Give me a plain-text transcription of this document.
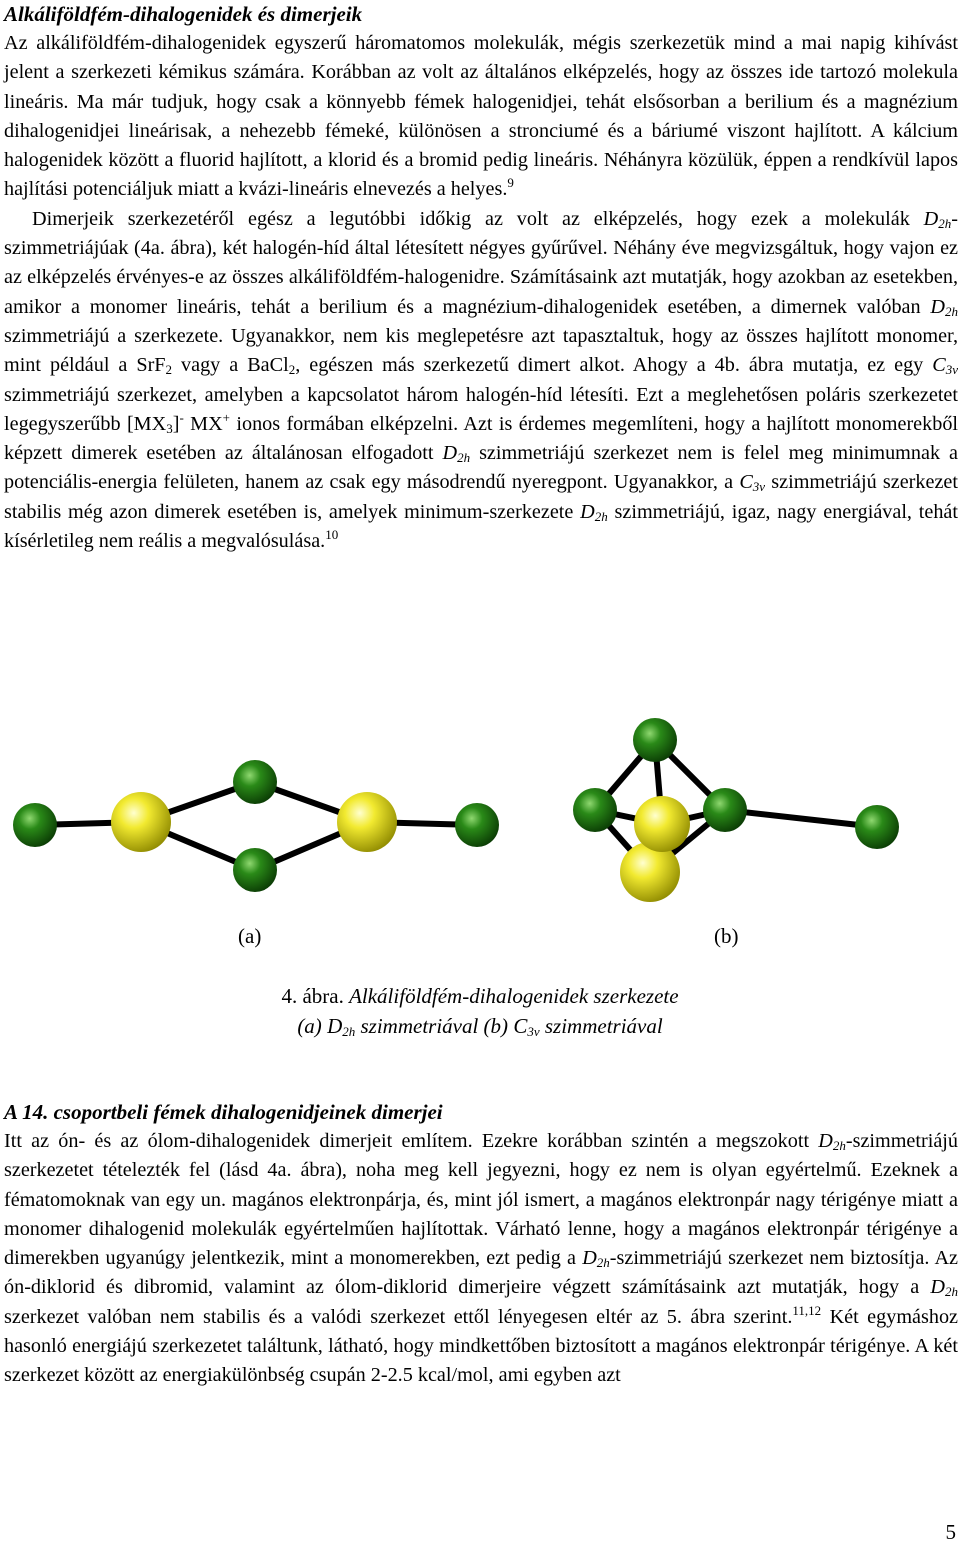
Alkáliföldfém-dihalogenidek és dimerjeik

Az alkáliföldfém-dihalogenidek egyszerű háromatomos molekulák, mégis szerkezetük mind a mai napig kihívást jelent a szerkezeti kémikus számára. Korábban az volt az általános elképzelés, hogy az összes ide tartozó molekula lineáris. Ma már tudjuk, hogy csak a könnyebb fémek halogenidjei, tehát elsősorban a berilium és a magnézium dihalogenidjei lineárisak, a nehezebb fémeké, különösen a stronciumé és a báriumé viszont hajlított. A kálcium halogenidek között a fluorid hajlított, a klorid és a bromid pedig lineáris. Néhányra közülük, éppen a rendkívül lapos hajlítási potenciáljuk miatt a kvázi-lineáris elnevezés a helyes.$^9$

Dimerjeik szerkezetéről egész a legutóbbi időkig az volt az elképzelés, hogy ezek a molekulák $D_{2h}$-szimmetriájúak (4a. ábra), két halogén-híd által létesített négyes gyűrűvel. Néhány éve megvizsgáltuk, hogy vajon ez az elképzelés érvényes-e az összes alkáliföldfém-halogenidre. Számításaink azt mutatják, hogy azokban az esetekben, amikor a monomer lineáris, tehát a berilium és a magnézium-dihalogenidek esetében, a dimernek valóban $D_{2h}$ szimmetriájú a szerkezete. Ugyanakkor, nem kis meglepetésre azt tapasztaltuk, hogy az összes hajlított monomer, mint például a SrF$_2$ vagy a BaCl$_2$, egészen más szerkezetű dimert alkot. Ahogy a 4b. ábra mutatja, ez egy $C_{3v}$ szimmetriájú szerkezet, amelyben a kapcsolatot három halogén-híd létesíti. Ezt a meglehetősen poláris szerkezetet legegyszerűbb $[MX_3]^-$ MX+ ionos formában elképzelni. Azt is érdemes megemlíteni, hogy a hajlított monomerekből képzett dimerek esetében az általánosan elfogadott $D_{2h}$ szimmetriájú szerkezet nem is felel meg minimumnak a potenciális-energia felületen, hanem az csak egy másodrendű nyeregpont. Ugyanakkor, a $C_{3v}$ szimmetriájú szerkezet stabilis még azon dimerek esetében is, amelyek minimum-szerkezete $D_{2h}$ szimmetriájú, igaz, nagy energiával, tehát kísérletileg nem reális a megvalósulása.$^{10}$

(a)	(b)
4. ábra. Alkáliföldfém-dihalogenidek szerkezete
(a) $D_{2h}$ szimmetriával (b) $C_{3v}$ szimmetriával
A 14. csoportbeli fémek dihalogenidjeinek dimerjei

Itt az ón- és az ólom-dihalogenidek dimerjeit említem. Ezekre korábban szintén a megszokott $D_{2h}$-szimmetriájú szerkezetet tételezték fel (lásd 4a. ábra), noha meg kell jegyezni, hogy ez nem is olyan egyértelmű. Ezeknek a fématomoknak van egy un. magános elektronpárja, és, mint jól ismert, a magános elektronpár nagy térigénye miatt a monomer dihalogenid molekulák egyértelműen hajlítottak. Várható lenne, hogy a magános elektronpár térigénye a dimerekben ugyanúgy jelentkezik, mint a monomerekben, ezt pedig a $D_{2h}$-szimmetriájú szerkezet nem biztosítja. Az ón-diklorid és dibromid, valamint az ólom-diklorid dimerjeire végzett számításaink azt mutatják, hogy a $D_{2h}$ szerkezet valóban nem stabilis és a valódi szerkezet ettől lényegesen eltér az 5. ábra szerint.$^{11,12}$ Két egymáshoz hasonló energiájú szerkezetet találtunk, látható, hogy mindkettőben biztosított a magános elektronpár térigénye. A két szerkezet között az energiakülönbség csupán 2-2.5 kcal/mol, ami egyben azt

5
